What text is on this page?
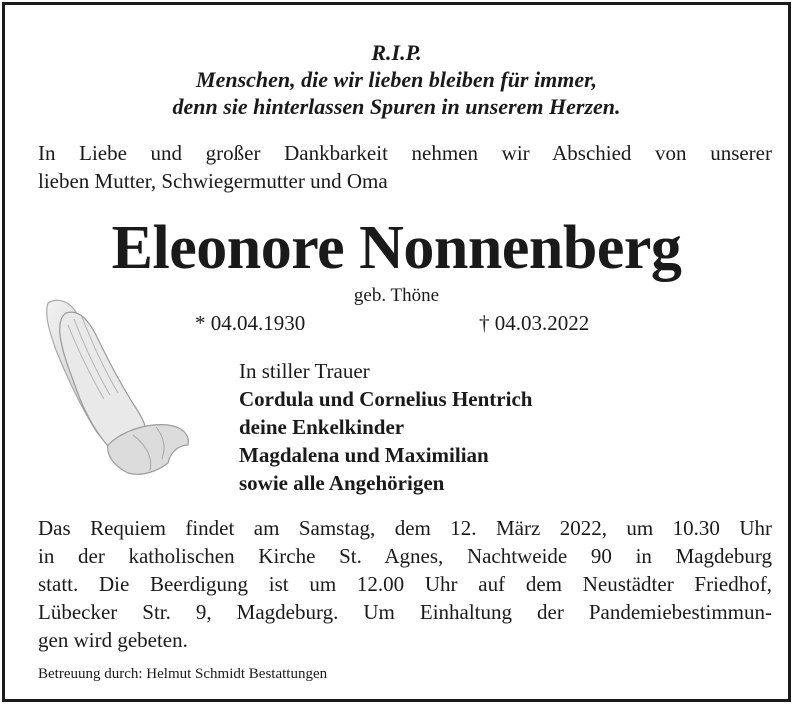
R.I.P.
Menschen, die wir lieben bleiben für immer,
denn sie hinterlassen Spuren in unserem Herzen.
In Liebe und großer Dankbarkeit nehmen wir Abschied von unserer
lieben Mutter, Schwiegermutter und Oma
Eleonore Nonnenberg
geb. Thöne
* 04.04.1930	† 04.03.2022
In stiller Trauer
Cordula und Cornelius Hentrich
deine Enkelkinder
Magdalena und Maximilian
sowie alle Angehörigen
Das Requiem findet am Samstag, dem 12. März 2022, um 10.30 Uhr
in der katholischen Kirche St. Agnes, Nachtweide 90 in Magdeburg
statt. Die Beerdigung ist um 12.00 Uhr auf dem Neustädter Friedhof,
Lübecker Str. 9, Magdeburg. Um Einhaltung der Pandemiebestimmun-
gen wird gebeten.
Betreuung durch: Helmut Schmidt Bestattungen
